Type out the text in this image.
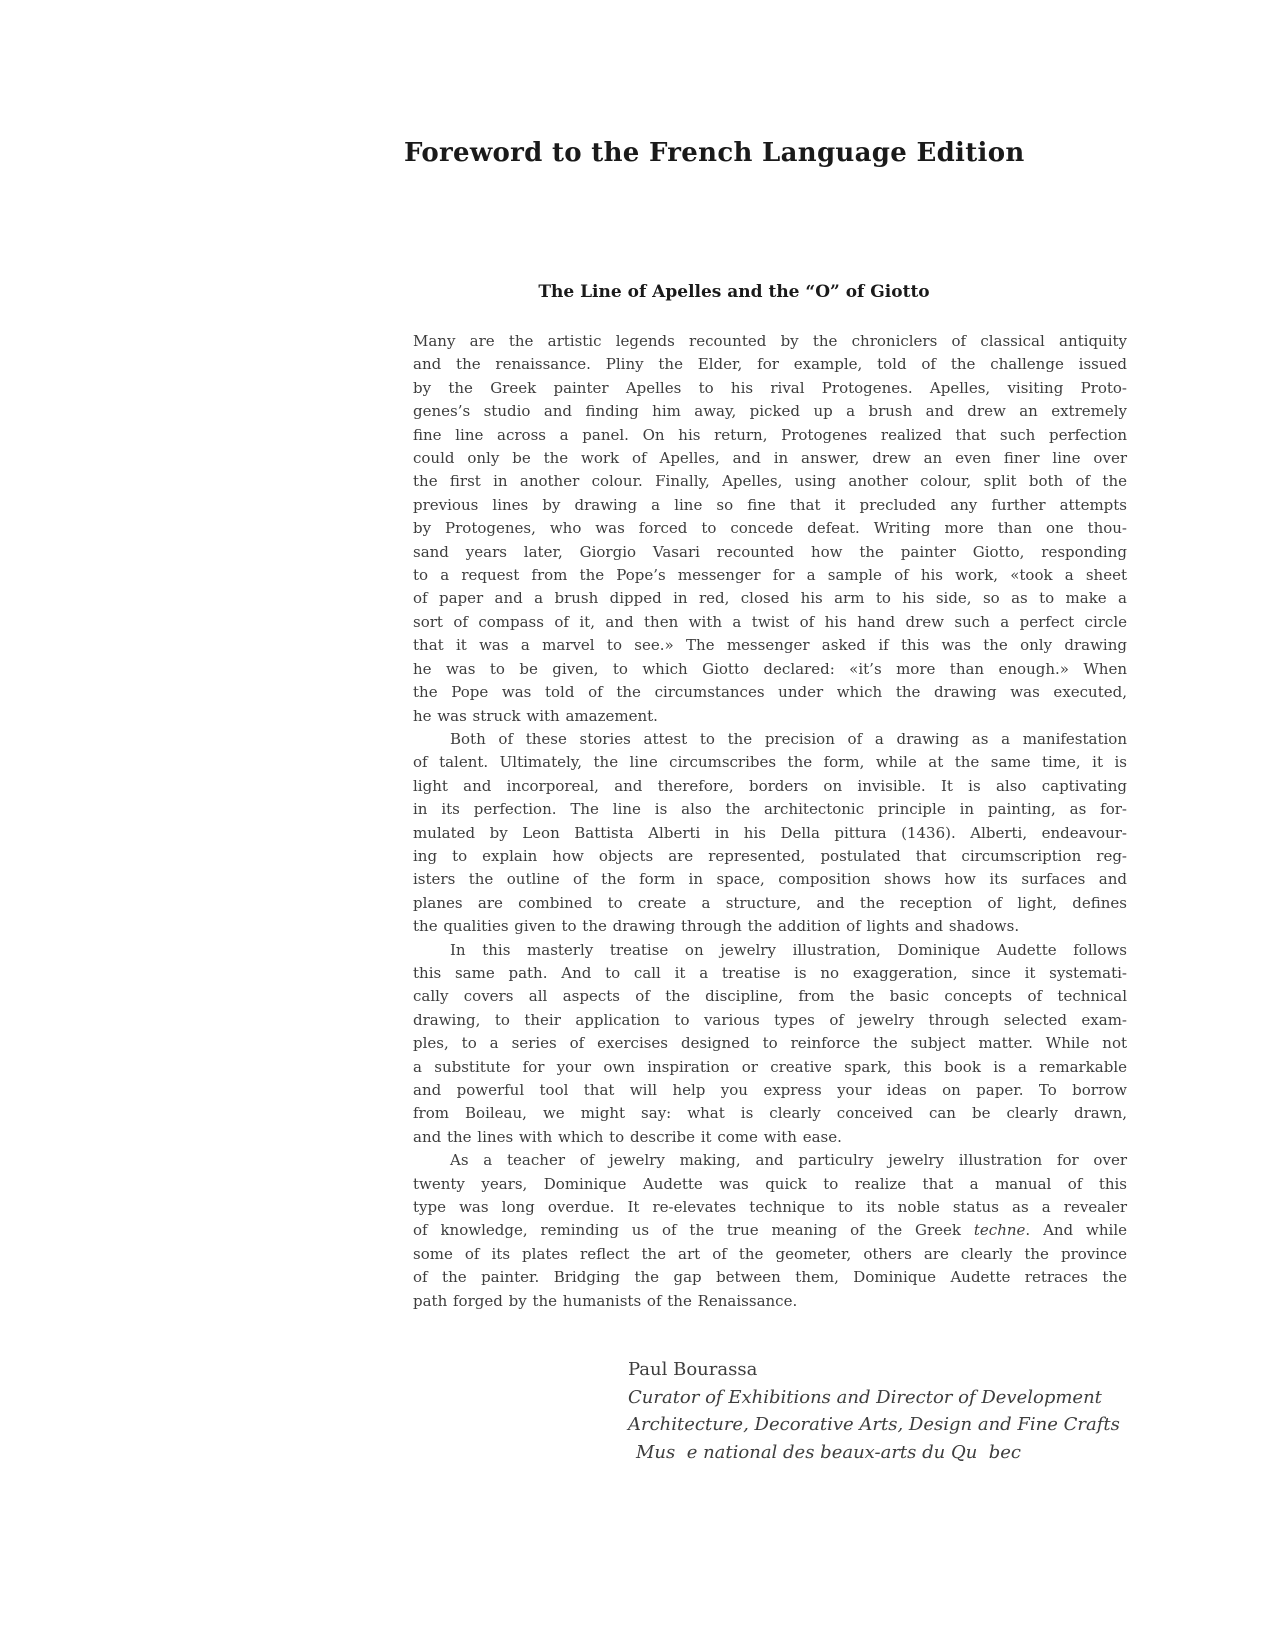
Foreword to the French Language Edition
The Line of Apelles and the “O” of Giotto
Many are the artistic legends recounted by the chroniclers of classical antiquity
and the renaissance. Pliny the Elder, for example, told of the challenge issued
by the Greek painter Apelles to his rival Protogenes. Apelles, visiting Proto-
genes’s studio and finding him away, picked up a brush and drew an extremely
fine line across a panel. On his return, Protogenes realized that such perfection
could only be the work of Apelles, and in answer, drew an even finer line over
the first in another colour. Finally, Apelles, using another colour, split both of the
previous lines by drawing a line so fine that it precluded any further attempts
by Protogenes, who was forced to concede defeat. Writing more than one thou-
sand years later, Giorgio Vasari recounted how the painter Giotto, responding
to a request from the Pope’s messenger for a sample of his work, «took a sheet
of paper and a brush dipped in red, closed his arm to his side, so as to make a
sort of compass of it, and then with a twist of his hand drew such a perfect circle
that it was a marvel to see.» The messenger asked if this was the only drawing
he was to be given, to which Giotto declared: «it’s more than enough.» When
the Pope was told of the circumstances under which the drawing was executed,
he was struck with amazement.
Both of these stories attest to the precision of a drawing as a manifestation
of talent. Ultimately, the line circumscribes the form, while at the same time, it is
light and incorporeal, and therefore, borders on invisible. It is also captivating
in its perfection. The line is also the architectonic principle in painting, as for-
mulated by Leon Battista Alberti in his Della pittura (1436). Alberti, endeavour-
ing to explain how objects are represented, postulated that circumscription reg-
isters the outline of the form in space, composition shows how its surfaces and
planes are combined to create a structure, and the reception of light, defines
the qualities given to the drawing through the addition of lights and shadows.
In this masterly treatise on jewelry illustration, Dominique Audette follows
this same path. And to call it a treatise is no exaggeration, since it systemati-
cally covers all aspects of the discipline, from the basic concepts of technical
drawing, to their application to various types of jewelry through selected exam-
ples, to a series of exercises designed to reinforce the subject matter. While not
a substitute for your own inspiration or creative spark, this book is a remarkable
and powerful tool that will help you express your ideas on paper. To borrow
from Boileau, we might say: what is clearly conceived can be clearly drawn,
and the lines with which to describe it come with ease.
As a teacher of jewelry making, and particulry jewelry illustration for over
twenty years, Dominique Audette was quick to realize that a manual of this
type was long overdue. It re-elevates technique to its noble status as a revealer
of knowledge, reminding us of the true meaning of the Greek techne. And while
some of its plates reflect the art of the geometer, others are clearly the province
of the painter. Bridging the gap between them, Dominique Audette retraces the
path forged by the humanists of the Renaissance.
Paul Bourassa
Curator of Exhibitions and Director of Development
Architecture, Decorative Arts, Design and Fine Crafts
Mus  e national des beaux-arts du Qu  bec
